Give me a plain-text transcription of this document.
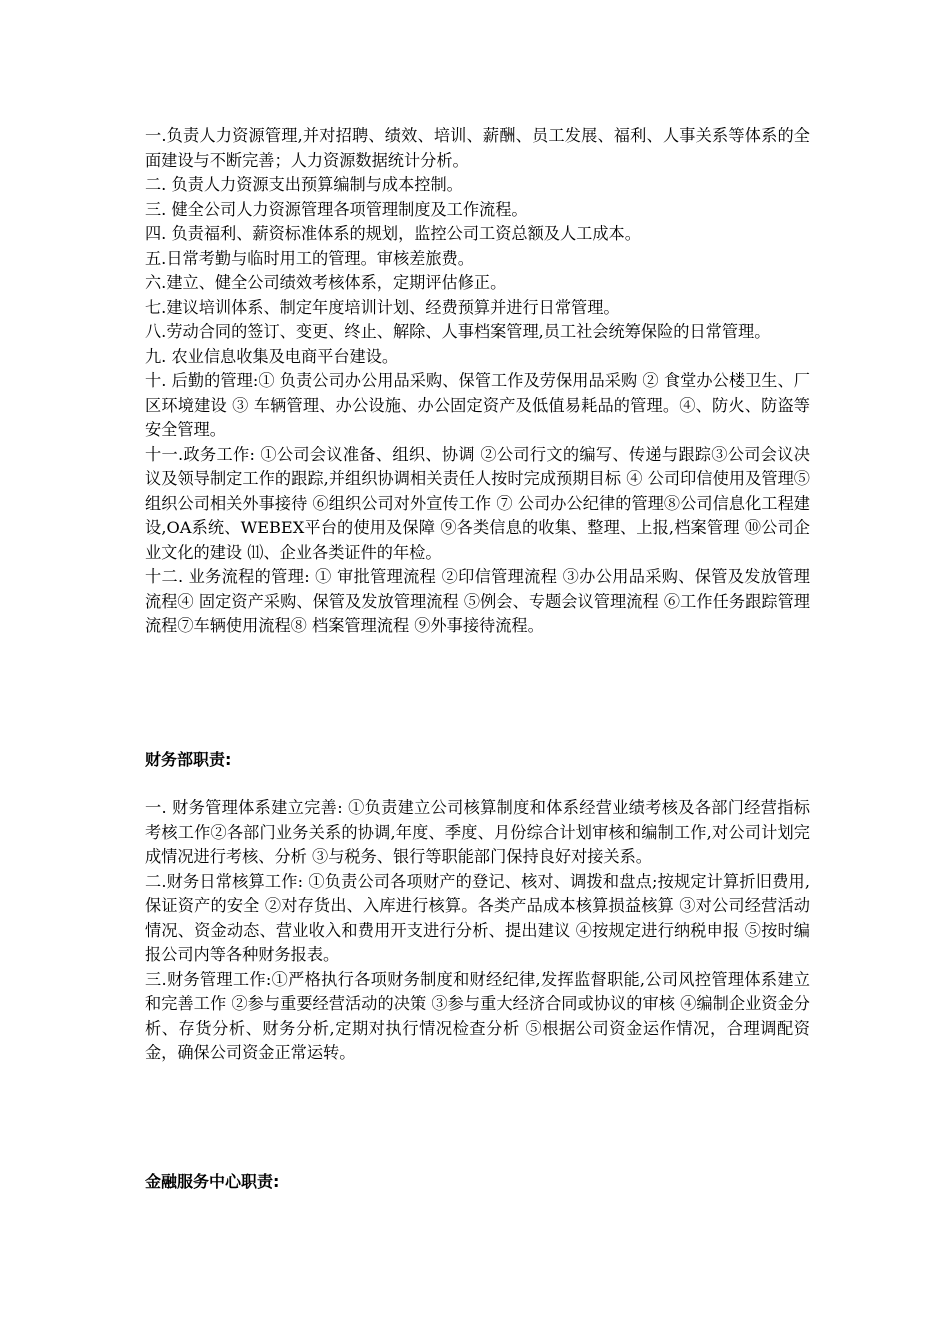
一.负责人力资源管理,并对招聘、绩效、培训、薪酬、员工发展、福利、人事关系等体系的全面建设与不断完善；人力资源数据统计分析。

二. 负责人力资源支出预算编制与成本控制。

三. 健全公司人力资源管理各项管理制度及工作流程。

四. 负责福利、薪资标准体系的规划，监控公司工资总额及人工成本。

五.日常考勤与临时用工的管理。审核差旅费。

六.建立、健全公司绩效考核体系，定期评估修正。

七.建议培训体系、制定年度培训计划、经费预算并进行日常管理。

八.劳动合同的签订、变更、终止、解除、人事档案管理,员工社会统筹保险的日常管理。

九. 农业信息收集及电商平台建设。

十. 后勤的管理:① 负责公司办公用品采购、保管工作及劳保用品采购 ② 食堂办公楼卫生、厂区环境建设 ③ 车辆管理、办公设施、办公固定资产及低值易耗品的管理。④、防火、防盗等安全管理。

十一.政务工作: ①公司会议准备、组织、协调 ②公司行文的编写、传递与跟踪③公司会议决议及领导制定工作的跟踪,并组织协调相关责任人按时完成预期目标 ④ 公司印信使用及管理⑤组织公司相关外事接待 ⑥组织公司对外宣传工作 ⑦ 公司办公纪律的管理⑧公司信息化工程建设,OA系统、WEBEX平台的使用及保障 ⑨各类信息的收集、整理、上报,档案管理 ⑩公司企业文化的建设 ⑾、企业各类证件的年检。

十二. 业务流程的管理: ① 审批管理流程 ②印信管理流程 ③办公用品采购、保管及发放管理流程④ 固定资产采购、保管及发放管理流程 ⑤例会、专题会议管理流程 ⑥工作任务跟踪管理流程⑦车辆使用流程⑧ 档案管理流程 ⑨外事接待流程。

财务部职责:

一. 财务管理体系建立完善: ①负责建立公司核算制度和体系经营业绩考核及各部门经营指标考核工作②各部门业务关系的协调,年度、季度、月份综合计划审核和编制工作,对公司计划完成情况进行考核、分析 ③与税务、银行等职能部门保持良好对接关系。

二.财务日常核算工作: ①负责公司各项财产的登记、核对、调拨和盘点;按规定计算折旧费用,保证资产的安全 ②对存货出、入库进行核算。各类产品成本核算损益核算 ③对公司经营活动情况、资金动态、营业收入和费用开支进行分析、提出建议 ④按规定进行纳税申报 ⑤按时编报公司内等各种财务报表。

三.财务管理工作:①严格执行各项财务制度和财经纪律,发挥监督职能,公司风控管理体系建立和完善工作 ②参与重要经营活动的决策 ③参与重大经济合同或协议的审核 ④编制企业资金分析、存货分析、财务分析,定期对执行情况检查分析 ⑤根据公司资金运作情况，合理调配资金，确保公司资金正常运转。

金融服务中心职责:
